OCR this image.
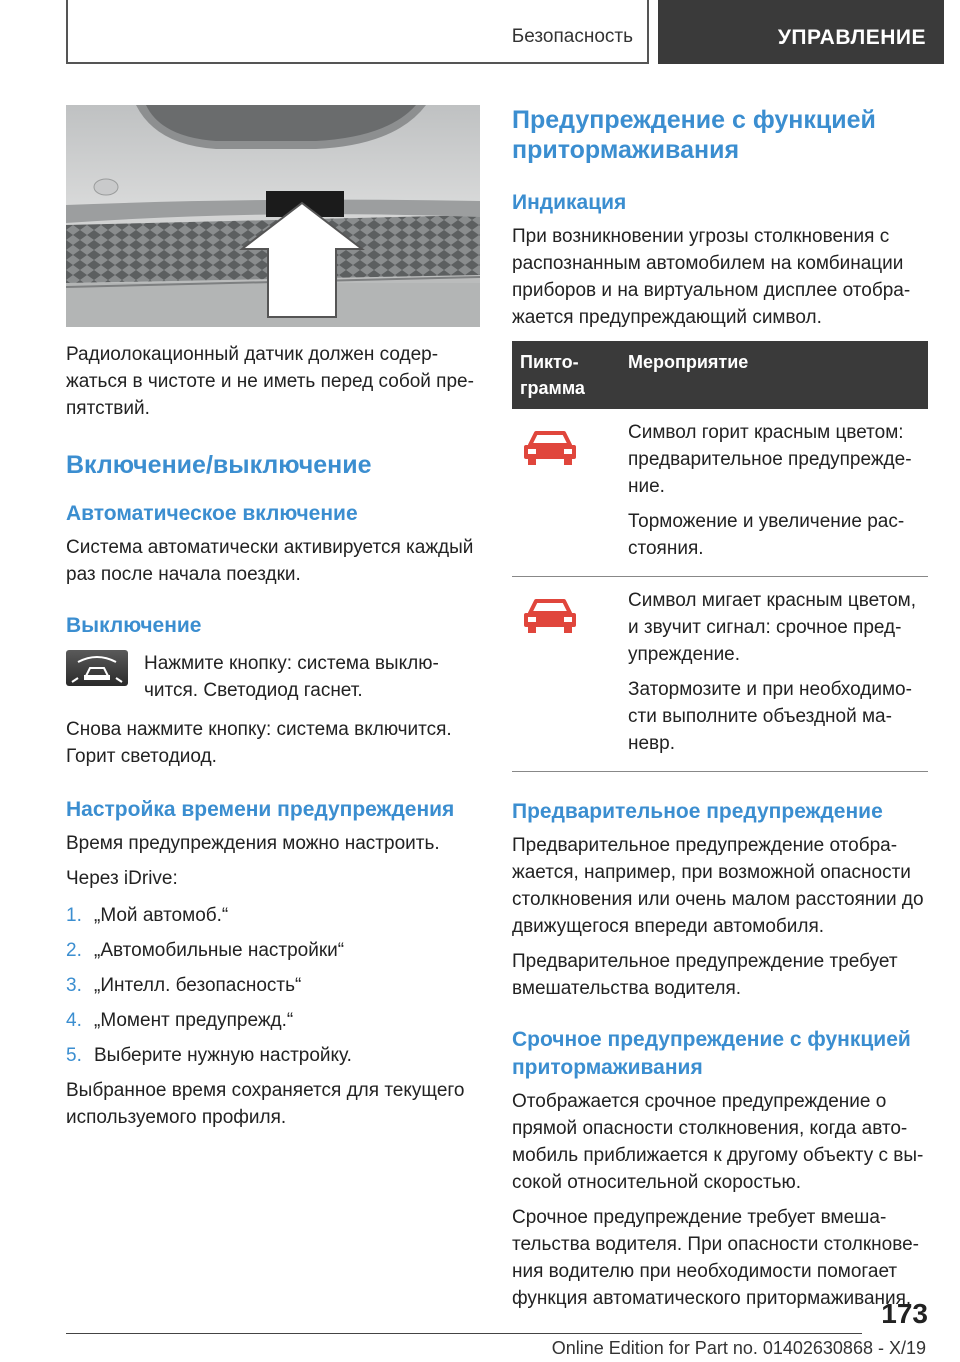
Безопасность	УПРАВЛЕНИЕ

Радиолокационный датчик должен содер-жаться в чистоте и не иметь перед собой пре-пятствий.

Включение/выключение
Автоматическое включение

Система автоматически активируется каждый раз после начала поездки.

Выключение

Нажмите кнопку: система выклю-чится. Светодиод гаснет.

Снова нажмите кнопку: система включится. Горит светодиод.

Настройка времени предупреждения

Время предупреждения можно настроить.

Через iDrive:

1. „Мой автомоб.“
2. „Автомобильные настройки“
3. „Интелл. безопасность“
4. „Момент предупрежд.“
5. Выберите нужную настройку.

Выбранное время сохраняется для текущего используемого профиля.

Предупреждение с функцией притормаживания
Индикация

При возникновении угрозы столкновения с распознанным автомобилем на комбинации приборов и на виртуальном дисплее отобра-жается предупреждающий символ.

Пикто-грамма	Мероприятие

Символ горит красным цветом: предварительное предупрежде-ние.

Торможение и увеличение рас-стояния.

Символ мигает красным цветом, и звучит сигнал: срочное пред-упреждение.

Затормозите и при необходимо-сти выполните объездной ма-невр.

Предварительное предупреждение

Предварительное предупреждение отобра-жается, например, при возможной опасности столкновения или очень малом расстоянии до движущегося впереди автомобиля.

Предварительное предупреждение требует вмешательства водителя.

Срочное предупреждение с функцией притормаживания

Отображается срочное предупреждение о прямой опасности столкновения, когда авто-мобиль приближается к другому объекту с вы-сокой относительной скоростью.

Срочное предупреждение требует вмеша-тельства водителя. При опасности столкнове-ния водителю при необходимости помогает функция автоматического притормаживания.

173
Online Edition for Part no. 01402630868 - X/19
